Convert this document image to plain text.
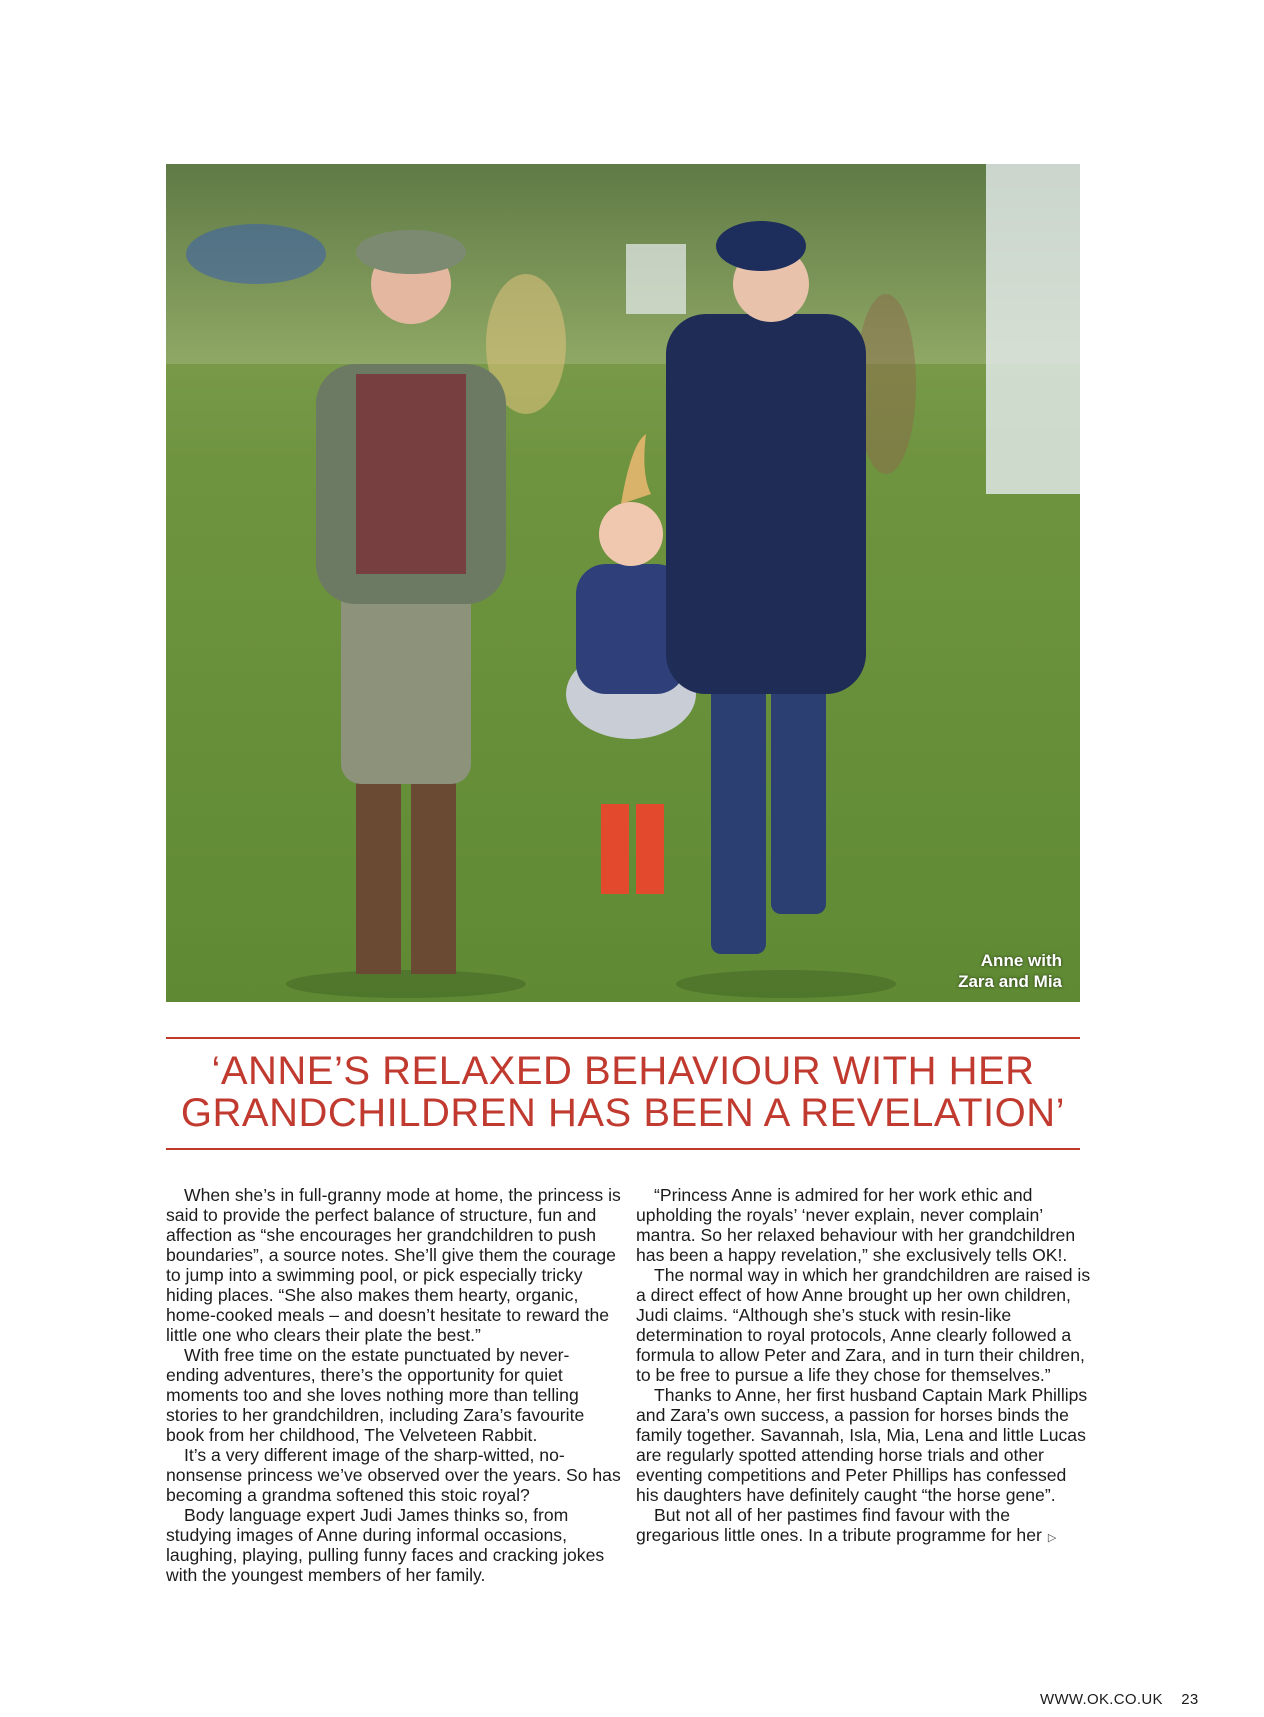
Anne with
Zara and Mia
‘ANNE’S RELAXED BEHAVIOUR WITH HER
GRANDCHILDREN HAS BEEN A REVELATION’

When she’s in full-granny mode at home, the princess is said to provide the perfect balance of structure, fun and affection as “she encourages her grandchildren to push boundaries”, a source notes. She’ll give them the courage to jump into a swimming pool, or pick especially tricky hiding places. “She also makes them hearty, organic, home-cooked meals – and doesn’t hesitate to reward the little one who clears their plate the best.”

With free time on the estate punctuated by never-ending adventures, there’s the opportunity for quiet moments too and she loves nothing more than telling stories to her grandchildren, including Zara’s favourite book from her childhood, The Velveteen Rabbit.

It’s a very different image of the sharp-witted, no-nonsense princess we’ve observed over the years. So has becoming a grandma softened this stoic royal?

Body language expert Judi James thinks so, from studying images of Anne during informal occasions, laughing, playing, pulling funny faces and cracking jokes with the youngest members of her family.

“Princess Anne is admired for her work ethic and upholding the royals’ ‘never explain, never complain’ mantra. So her relaxed behaviour with her grandchildren has been a happy revelation,” she exclusively tells OK!.

The normal way in which her grandchildren are raised is a direct effect of how Anne brought up her own children, Judi claims. “Although she’s stuck with resin-like determination to royal protocols, Anne clearly followed a formula to allow Peter and Zara, and in turn their children, to be free to pursue a life they chose for themselves.”

Thanks to Anne, her first husband Captain Mark Phillips and Zara’s own success, a passion for horses binds the family together. Savannah, Isla, Mia, Lena and little Lucas are regularly spotted attending horse trials and other eventing competitions and Peter Phillips has confessed his daughters have definitely caught “the horse gene”.

But not all of her pastimes find favour with the gregarious little ones. In a tribute programme for her ▷

WWW.OK.CO.UK 23
